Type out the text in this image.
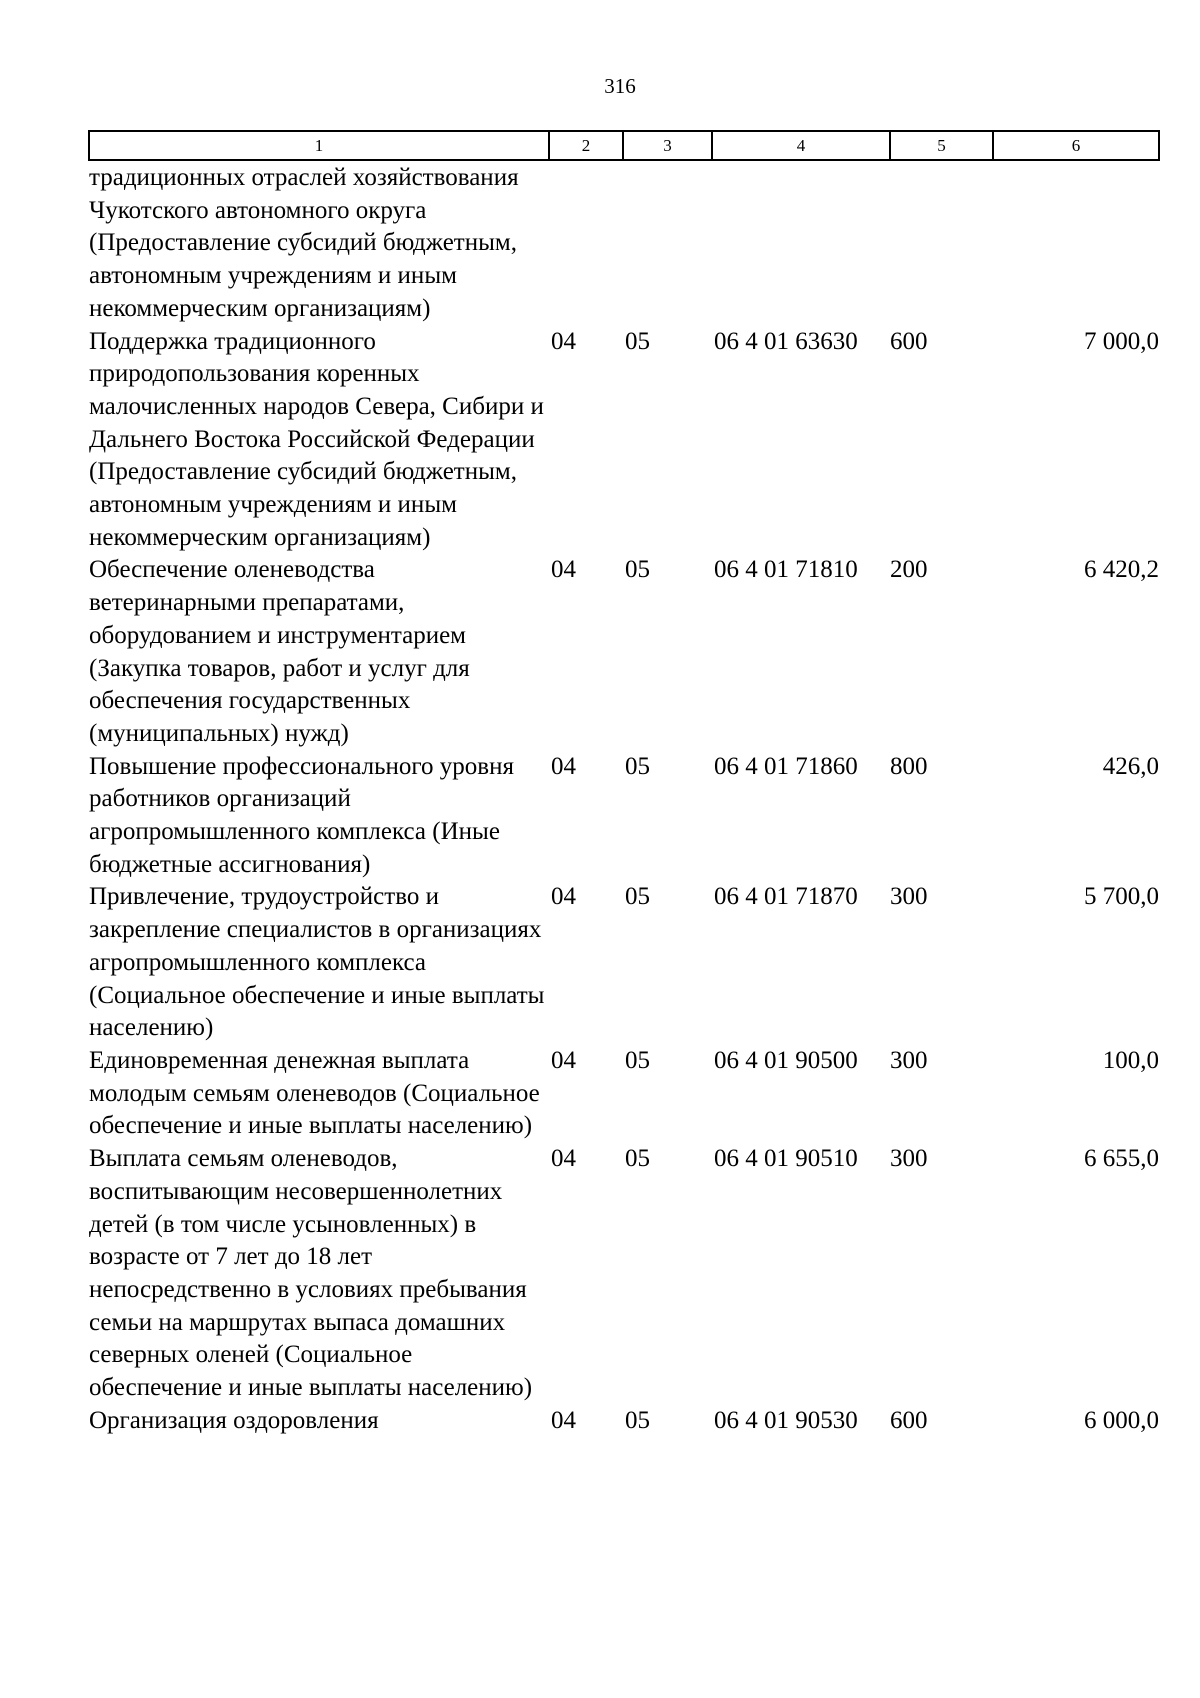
316
1	2	3	4	5	6
традиционных отраслей хозяйствования Чукотского автономного округа (Предоставление субсидий бюджетным, автономным учреждениям и иным некоммерческим организациям)					
Поддержка традиционного природопользования коренных малочисленных народов Севера, Сибири и Дальнего Востока Российской Федерации (Предоставление субсидий бюджетным, автономным учреждениям и иным некоммерческим организациям)	04	05	06 4 01 63630	600	7 000,0
Обеспечение оленеводства ветеринарными препаратами, оборудованием и инструментарием (Закупка товаров, работ и услуг для обеспечения государственных (муниципальных) нужд)	04	05	06 4 01 71810	200	6 420,2
Повышение профессионального уровня работников организаций агропромышленного комплекса (Иные бюджетные ассигнования)	04	05	06 4 01 71860	800	426,0
Привлечение, трудоустройство и закрепление специалистов в организациях агропромышленного комплекса (Социальное обеспечение и иные выплаты населению)	04	05	06 4 01 71870	300	5 700,0
Единовременная денежная выплата молодым семьям оленеводов (Социальное обеспечение и иные выплаты населению)	04	05	06 4 01 90500	300	100,0
Выплата семьям оленеводов, воспитывающим несовершеннолетних детей (в том числе усыновленных) в возрасте от 7 лет до 18 лет непосредственно в условиях пребывания семьи на маршрутах выпаса домашних северных оленей (Социальное обеспечение и иные выплаты населению)	04	05	06 4 01 90510	300	6 655,0
Организация оздоровления	04	05	06 4 01 90530	600	6 000,0
